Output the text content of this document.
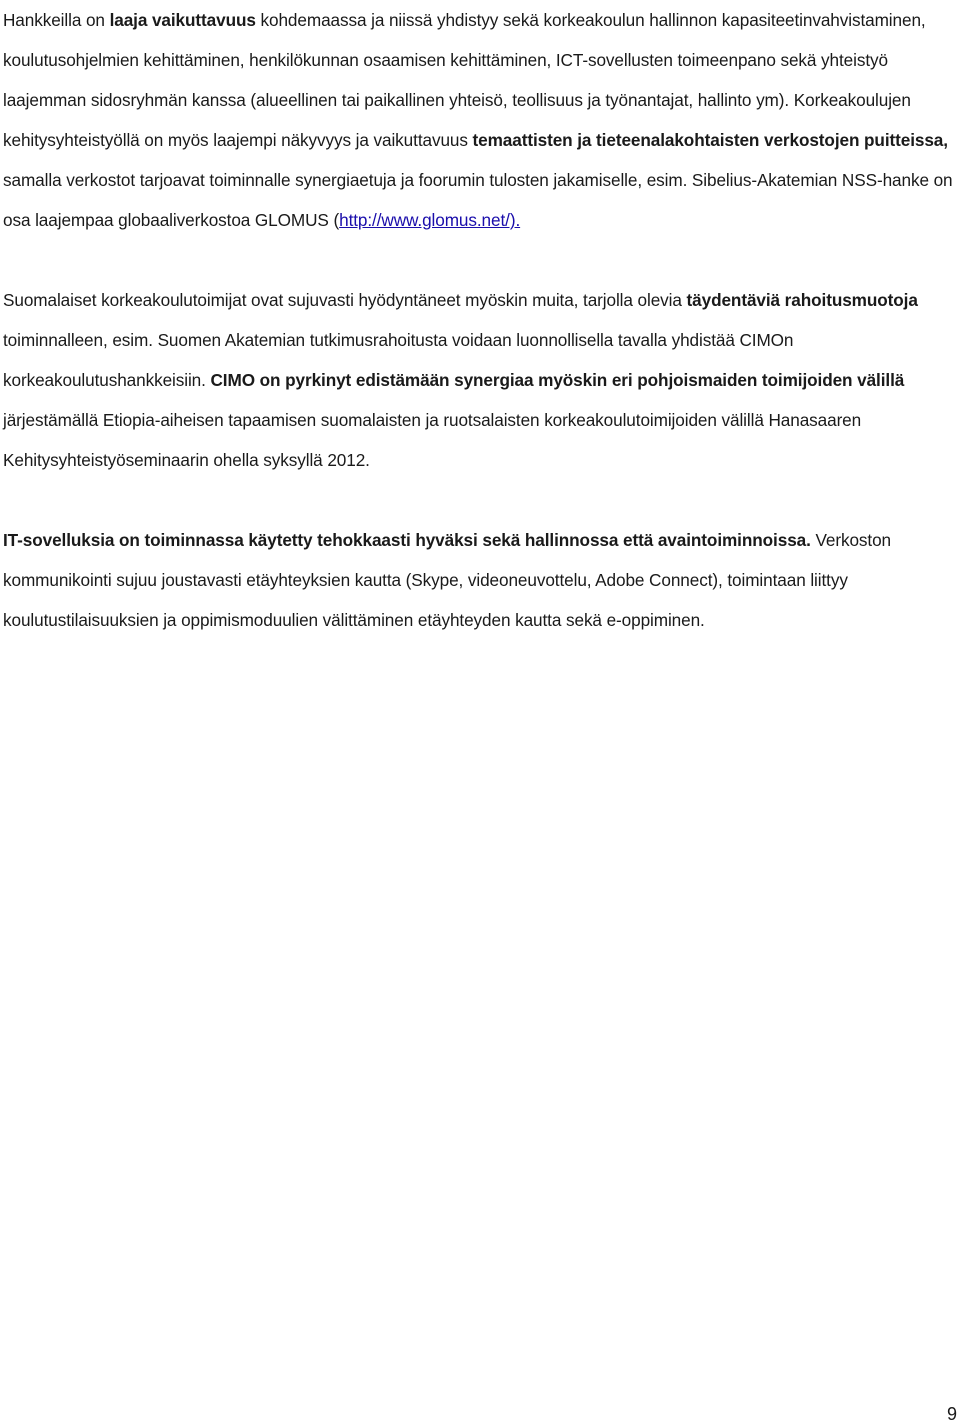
Hankkeilla on laaja vaikuttavuus kohdemaassa ja niissä yhdistyy sekä korkeakoulun hallinnon kapasiteetinvahvistaminen, koulutusohjelmien kehittäminen, henkilökunnan osaamisen kehittäminen, ICT-sovellusten toimeenpano sekä yhteistyö laajemman sidosryhmän kanssa (alueellinen tai paikallinen yhteisö, teollisuus ja työnantajat, hallinto ym). Korkeakoulujen kehitysyhteistyöllä on myös laajempi näkyvyys ja vaikuttavuus temaattisten ja tieteenalakohtaisten verkostojen puitteissa, samalla verkostot tarjoavat toiminnalle synergiaetuja ja foorumin tulosten jakamiselle, esim. Sibelius-Akatemian NSS-hanke on osa laajempaa globaaliverkostoa GLOMUS (http://www.glomus.net/).

Suomalaiset korkeakoulutoimijat ovat sujuvasti hyödyntäneet myöskin muita, tarjolla olevia täydentäviä rahoitusmuotoja toiminnalleen, esim. Suomen Akatemian tutkimusrahoitusta voidaan luonnollisella tavalla yhdistää CIMOn korkeakoulutushankkeisiin. CIMO on pyrkinyt edistämään synergiaa myöskin eri pohjoismaiden toimijoiden välillä järjestämällä Etiopia-aiheisen tapaamisen suomalaisten ja ruotsalaisten korkeakoulutoimijoiden välillä Hanasaaren Kehitysyhteistyöseminaarin ohella syksyllä 2012.

IT-sovelluksia on toiminnassa käytetty tehokkaasti hyväksi sekä hallinnossa että avaintoiminnoissa. Verkoston kommunikointi sujuu joustavasti etäyhteyksien kautta (Skype, videoneuvottelu, Adobe Connect), toimintaan liittyy koulutustilaisuuksien ja oppimismoduulien välittäminen etäyhteyden kautta sekä e-oppiminen.

9
